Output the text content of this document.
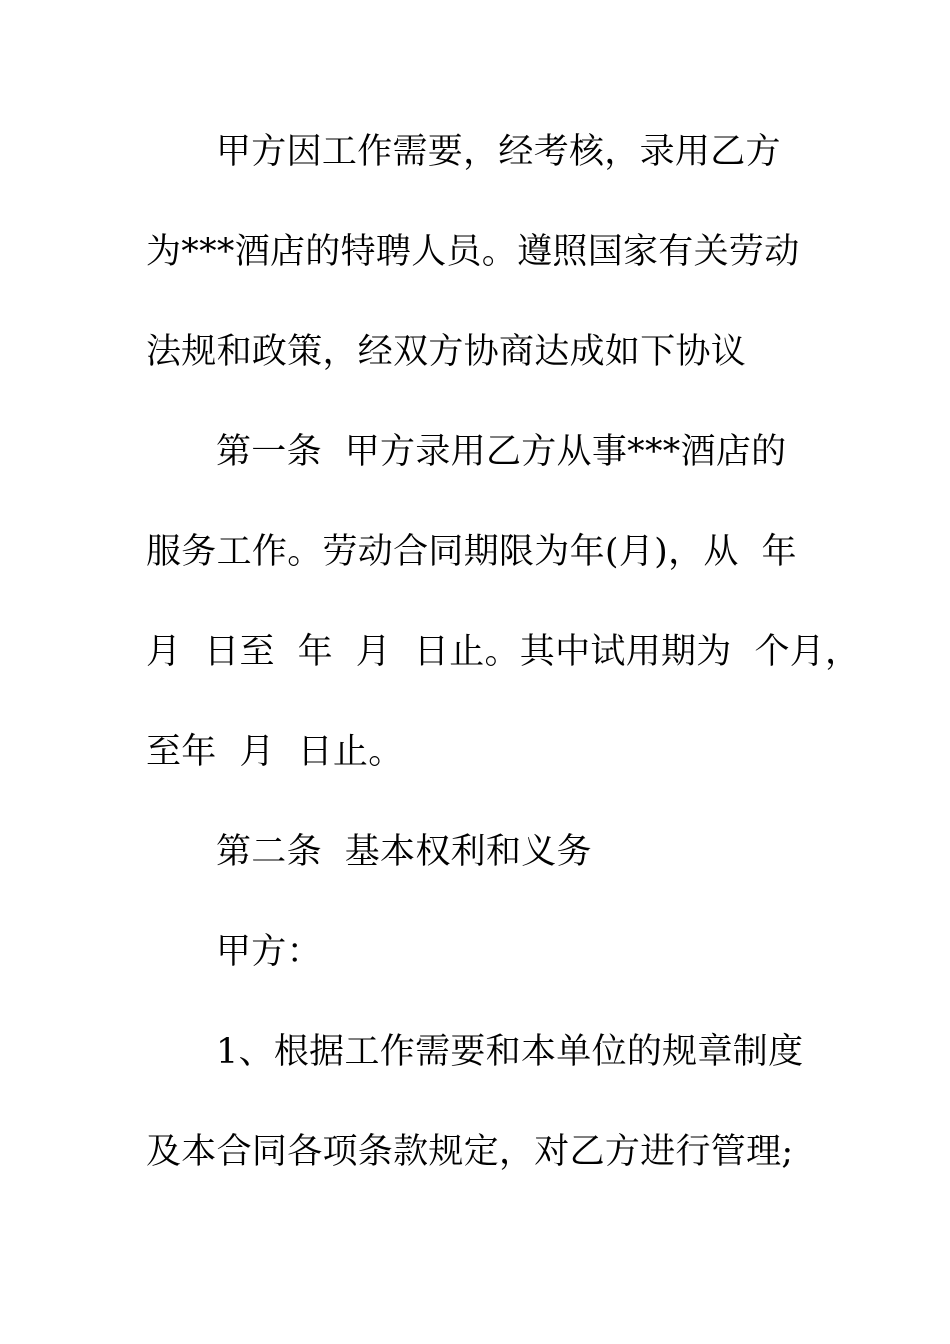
甲方因工作需要，经考核，录用乙方

为***酒店的特聘人员。遵照国家有关劳动

法规和政策，经双方协商达成如下协议

第一条  甲方录用乙方从事***酒店的

服务工作。劳动合同期限为年(月)，从  年

月  日至  年  月  日止。其中试用期为  个月，

至年  月  日止。

第二条  基本权利和义务

甲方：

1、根据工作需要和本单位的规章制度

及本合同各项条款规定，对乙方进行管理;
